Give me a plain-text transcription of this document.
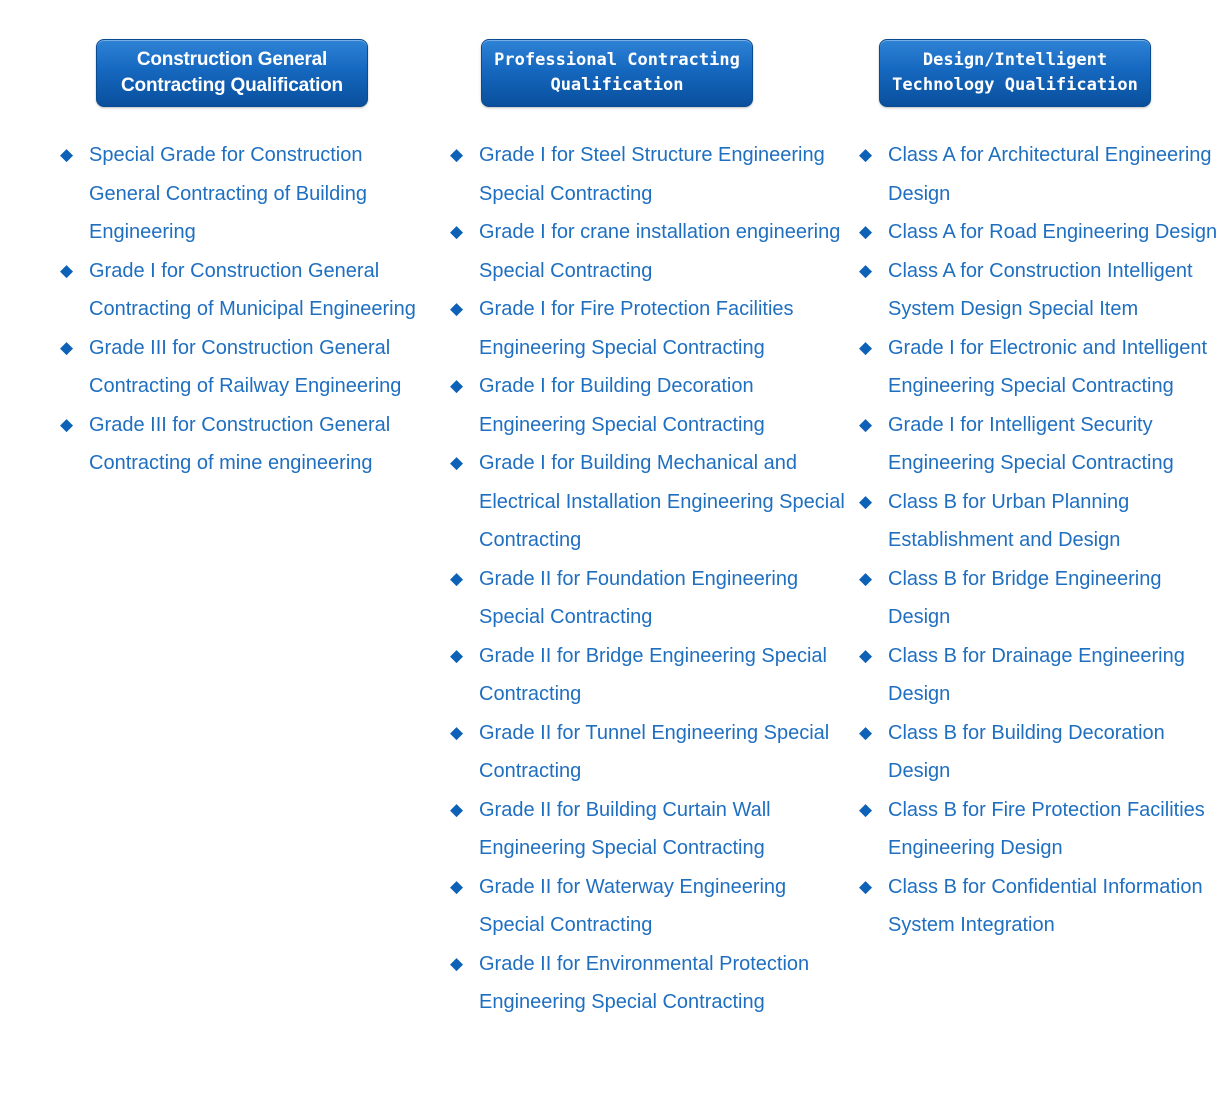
Construction General
Contracting Qualification
◆ Special Grade for Construction General Contracting of Building Engineering
◆ Grade I for Construction General Contracting of Municipal Engineering
◆ Grade III for Construction General Contracting of Railway Engineering
◆ Grade III for Construction General Contracting of mine engineering
Professional Contracting
Qualification
◆ Grade I for Steel Structure Engineering Special Contracting
◆ Grade I for crane installation engineering Special Contracting
◆ Grade I for Fire Protection Facilities Engineering Special Contracting
◆ Grade I for Building Decoration Engineering Special Contracting
◆ Grade I for Building Mechanical and Electrical Installation Engineering Special Contracting
◆ Grade II for Foundation Engineering Special Contracting
◆ Grade II for Bridge Engineering Special Contracting
◆ Grade II for Tunnel Engineering Special Contracting
◆ Grade II for Building Curtain Wall Engineering Special Contracting
◆ Grade II for Waterway Engineering Special Contracting
◆ Grade II for Environmental Protection Engineering Special Contracting
Design/Intelligent
Technology Qualification
◆ Class A for Architectural Engineering Design
◆ Class A for Road Engineering Design
◆ Class A for Construction Intelligent System Design Special Item
◆ Grade I for Electronic and Intelligent Engineering Special Contracting
◆ Grade I for Intelligent Security Engineering Special Contracting
◆ Class B for Urban Planning Establishment and Design
◆ Class B for Bridge Engineering Design
◆ Class B for Drainage Engineering Design
◆ Class B for Building Decoration Design
◆ Class B for Fire Protection Facilities Engineering Design
◆ Class B for Confidential Information System Integration
